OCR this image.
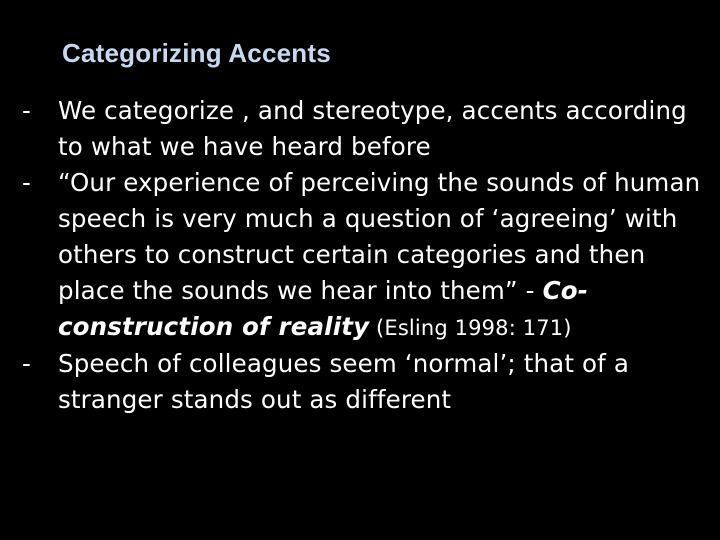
Categorizing Accents
-	We categorize , and stereotype, accents according to what we have heard before
-	“Our experience of perceiving the sounds of human speech is very much a question of ‘agreeing’ with others to construct certain categories and then place the sounds we hear into them” - Co-construction of reality (Esling 1998: 171)
-	Speech of colleagues seem ‘normal’; that of a stranger stands out as different
